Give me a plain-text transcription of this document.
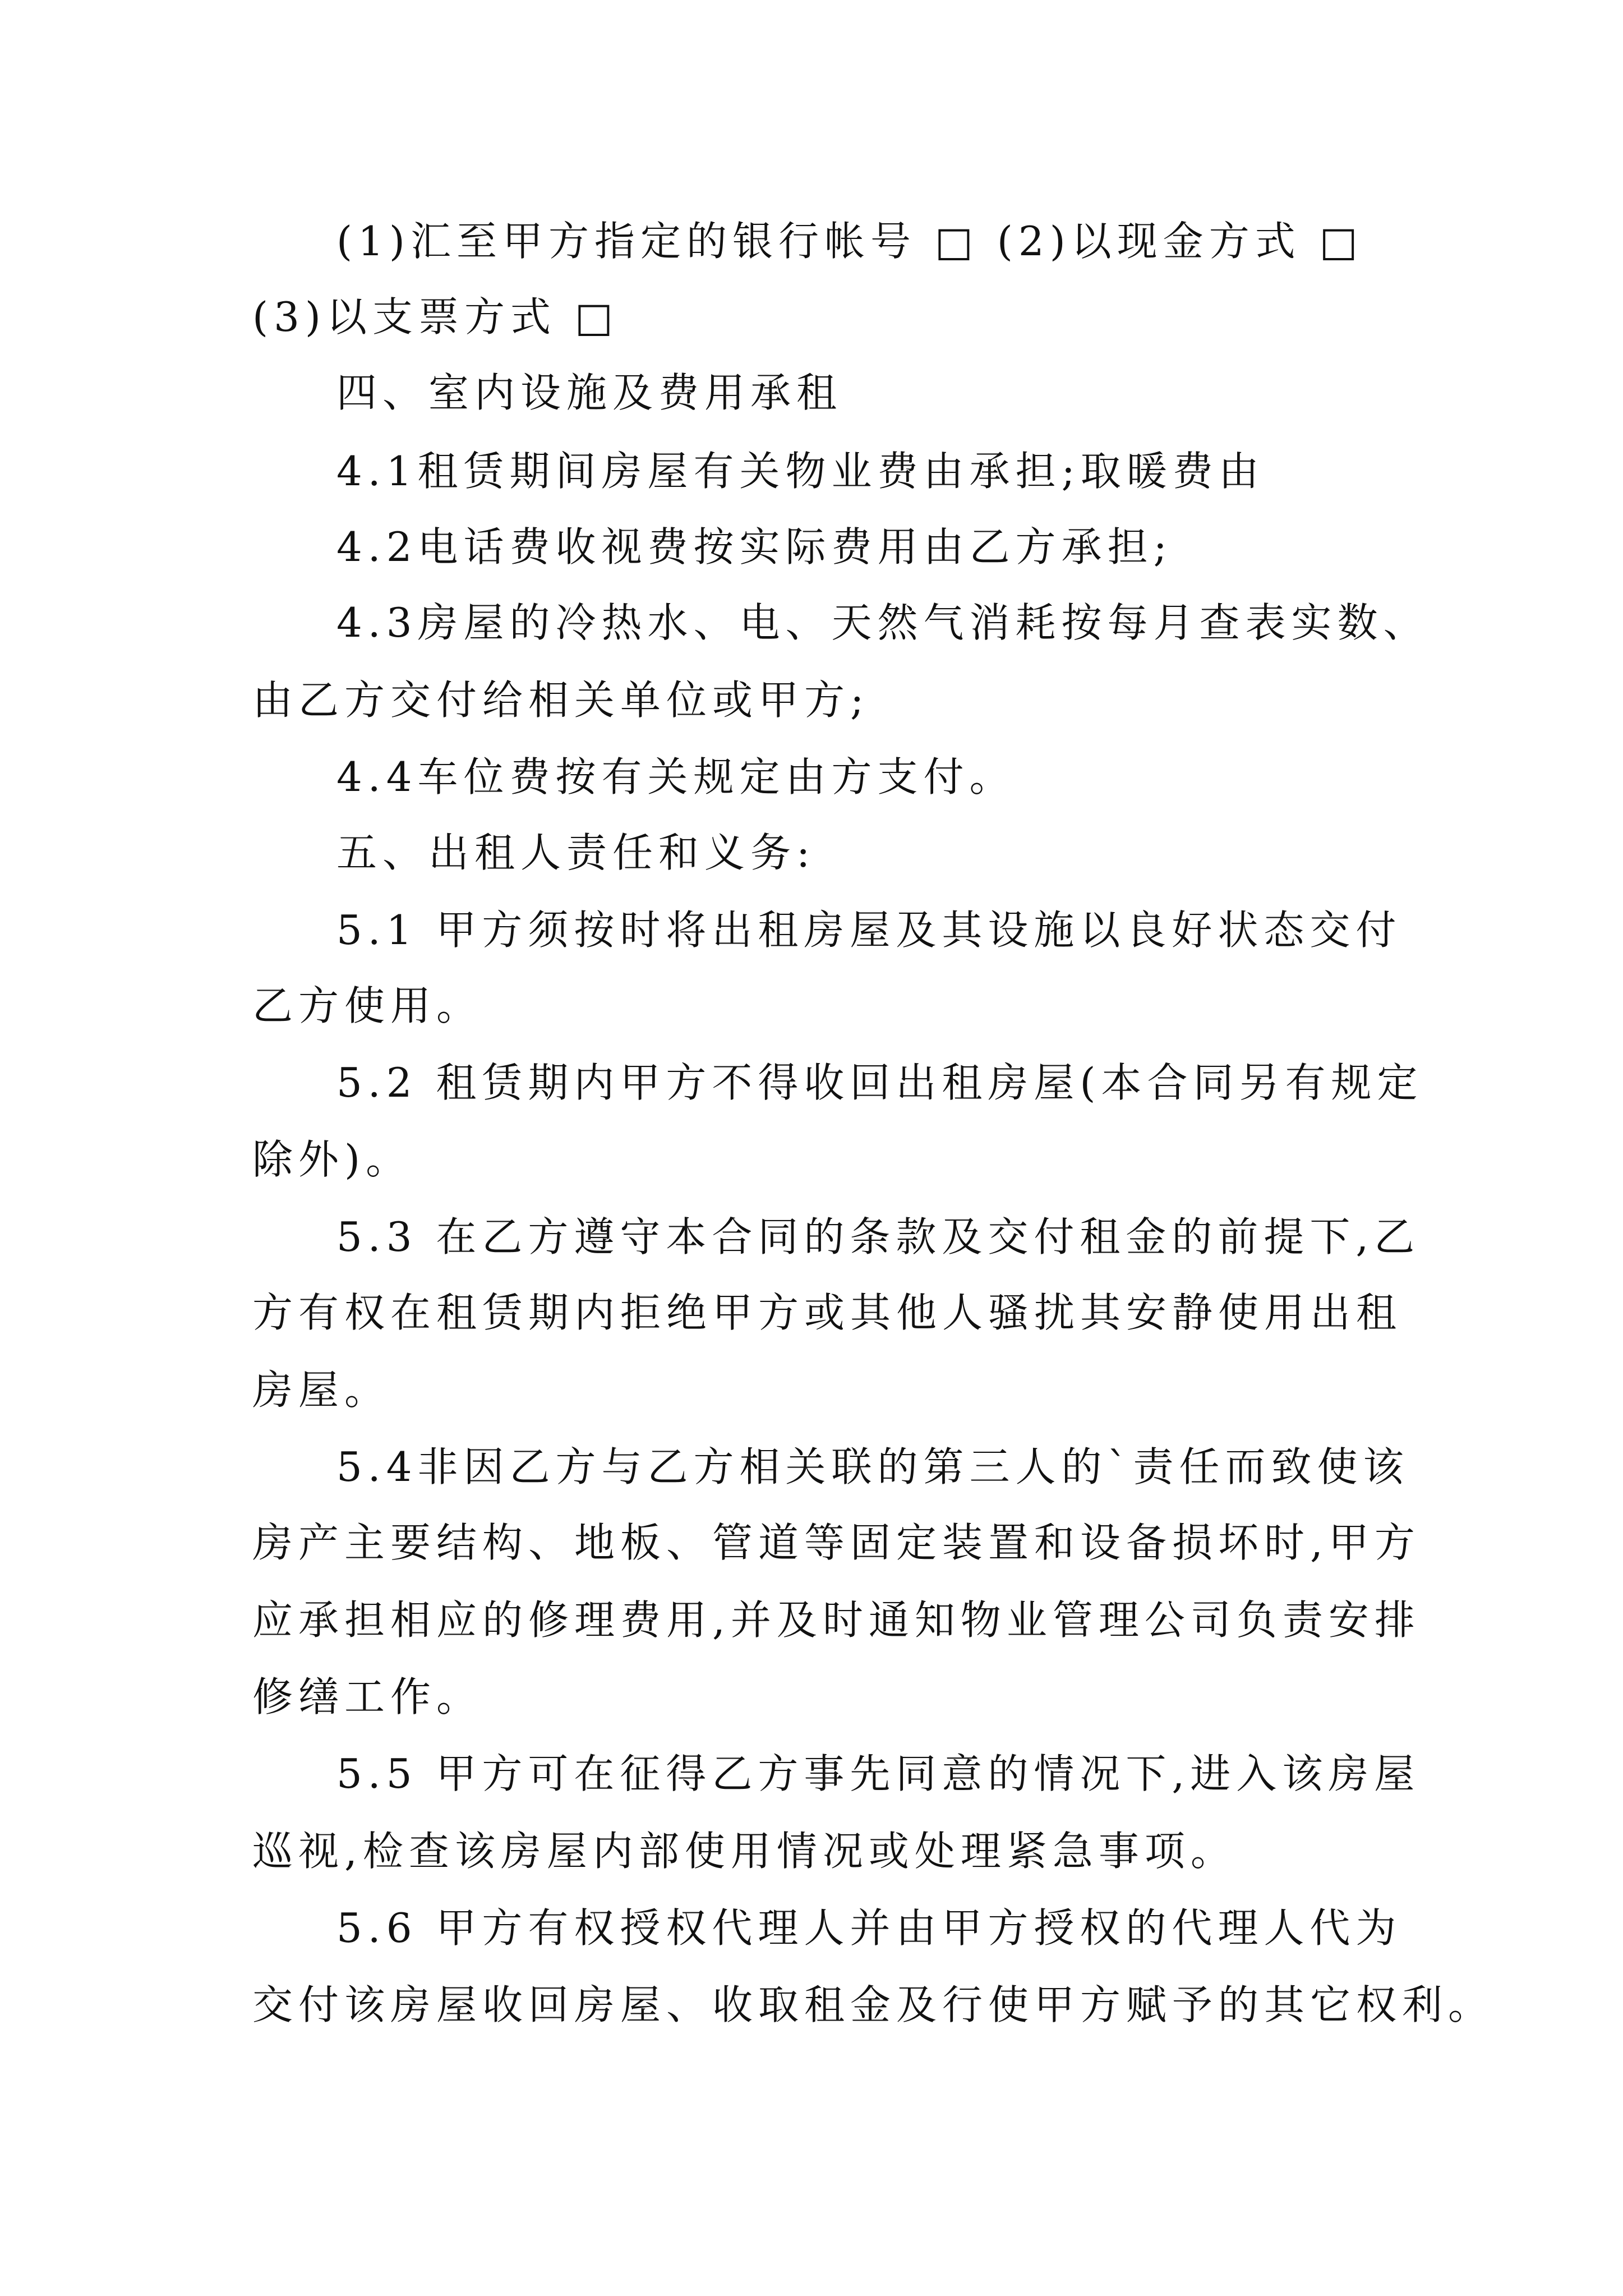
(1)汇至甲方指定的银行帐号 □ (2)以现金方式 □
(3)以支票方式 □
四、室内设施及费用承租
4.1租赁期间房屋有关物业费由承担;取暖费由
4.2电话费收视费按实际费用由乙方承担;
4.3房屋的冷热水、电、天然气消耗按每月查表实数、
由乙方交付给相关单位或甲方;
4.4车位费按有关规定由方支付。
五、出租人责任和义务:
5.1 甲方须按时将出租房屋及其设施以良好状态交付
乙方使用。
5.2 租赁期内甲方不得收回出租房屋(本合同另有规定
除外)。
5.3 在乙方遵守本合同的条款及交付租金的前提下,乙
方有权在租赁期内拒绝甲方或其他人骚扰其安静使用出租
房屋。
5.4非因乙方与乙方相关联的第三人的`责任而致使该
房产主要结构、地板、管道等固定装置和设备损坏时,甲方
应承担相应的修理费用,并及时通知物业管理公司负责安排
修缮工作。
5.5 甲方可在征得乙方事先同意的情况下,进入该房屋
巡视,检查该房屋内部使用情况或处理紧急事项。
5.6 甲方有权授权代理人并由甲方授权的代理人代为
交付该房屋收回房屋、收取租金及行使甲方赋予的其它权利。
